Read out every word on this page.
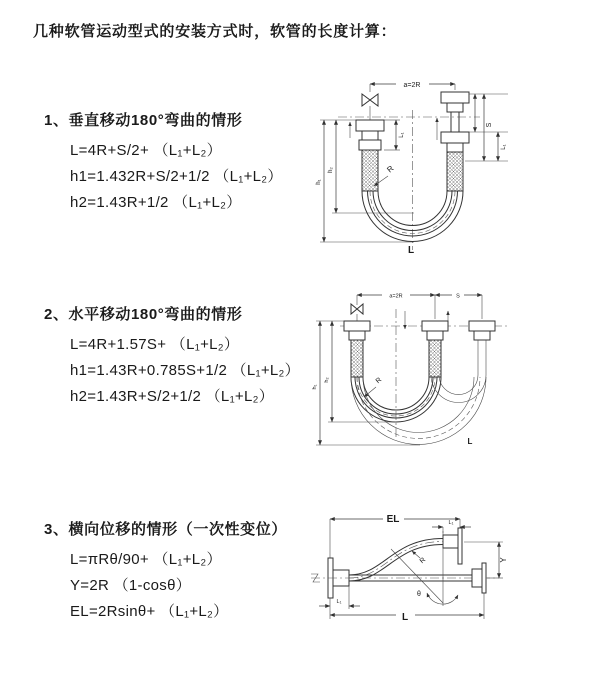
几种软管运动型式的安装方式时，软管的长度计算：
1、垂直移动180°弯曲的情形
L=4R+S/2+ （L₁+L₂）
h1=1.432R+S/2+1/2 （L₁+L₂）
h2=1.43R+1/2 （L₁+L₂）
2、水平移动180°弯曲的情形
L=4R+1.57S+ （L₁+L₂）
h1=1.43R+0.785S+1/2 （L₁+L₂）
h2=1.43R+S/2+1/2 （L₁+L₂）
3、横向位移的情形（一次性变位）
L=πRθ/90+ （L₁+L₂）
Y=2R （1-cosθ）
EL=2Rsinθ+ （L₁+L₂）
a=2R
L₁
S
L₁
h₁
h₂	R
L
a=2R	S
h₁
h₂	R
L
EL	L₁
Y
R
θ
L₁
L
